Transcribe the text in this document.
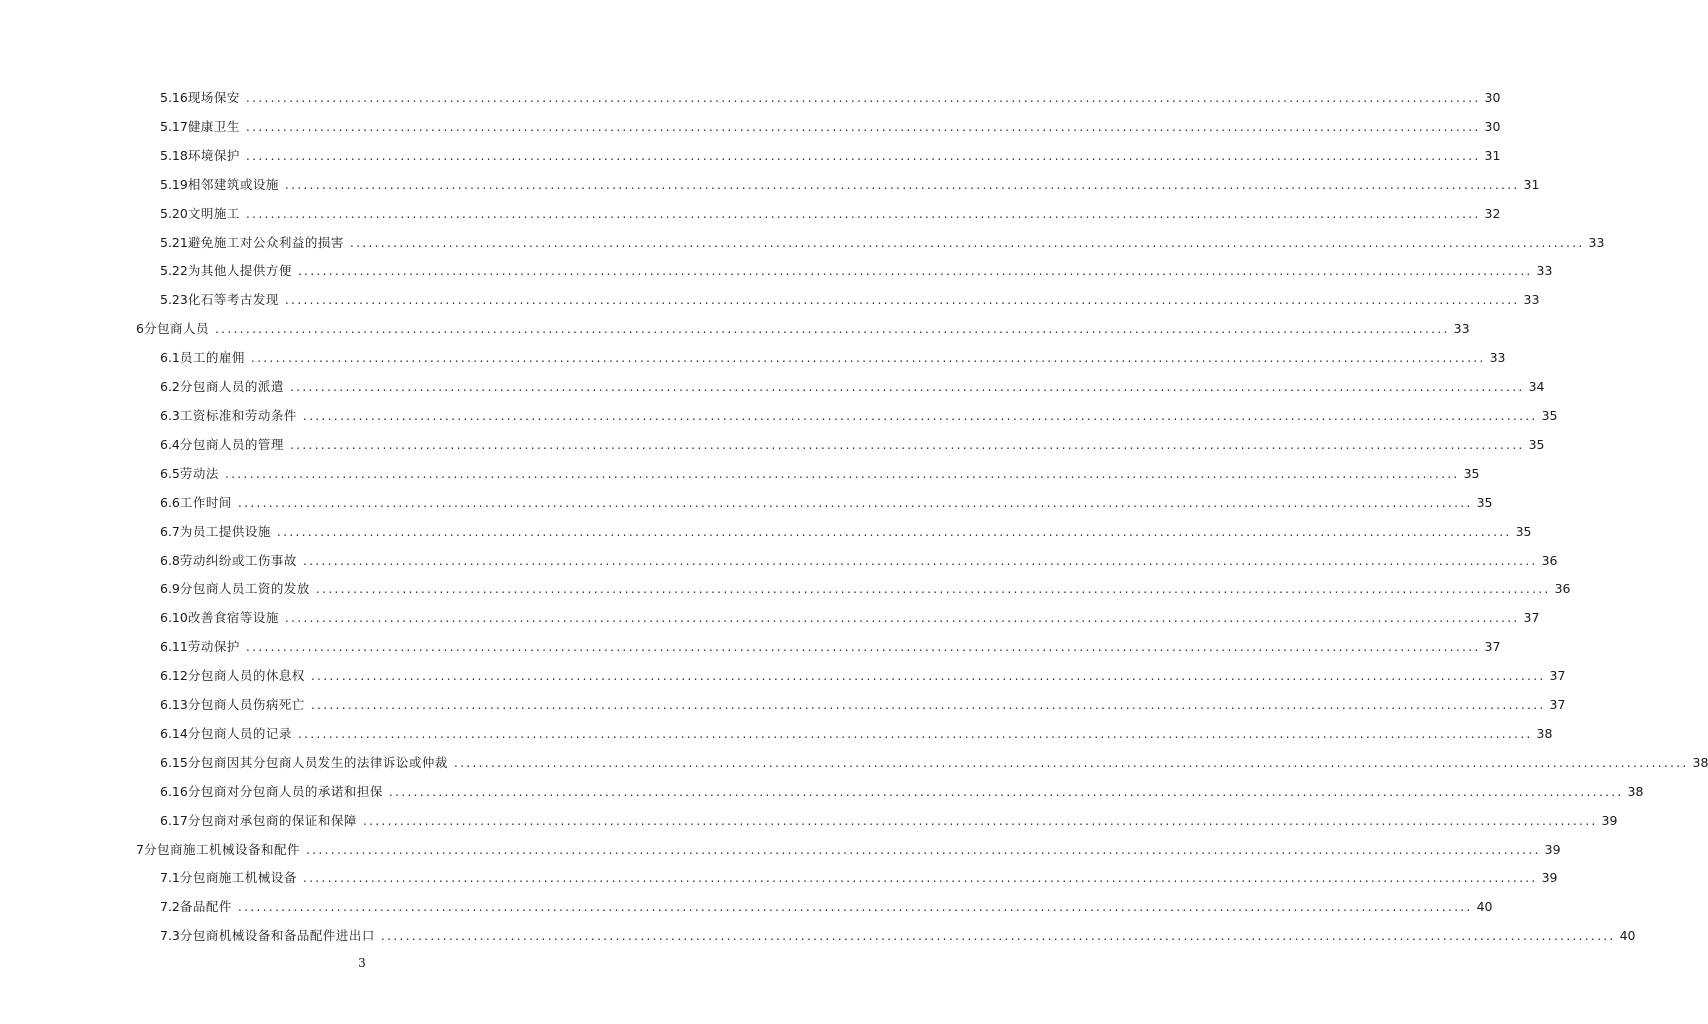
5.16 现场保安 ........................................................................................................................................................................................................ 30
5.17 健康卫生 ........................................................................................................................................................................................................ 30
5.18 环境保护 ........................................................................................................................................................................................................ 31
5.19 相邻建筑或设施 ........................................................................................................................................................................................................ 31
5.20 文明施工 ........................................................................................................................................................................................................ 32
5.21 避免施工对公众利益的损害 ........................................................................................................................................................................................................ 33
5.22 为其他人提供方便 ........................................................................................................................................................................................................ 33
5.23 化石等考古发现 ........................................................................................................................................................................................................ 33
6 分包商人员 ........................................................................................................................................................................................................ 33
6.1 员工的雇佣 ........................................................................................................................................................................................................ 33
6.2 分包商人员的派遣 ........................................................................................................................................................................................................ 34
6.3 工资标准和劳动条件 ........................................................................................................................................................................................................ 35
6.4 分包商人员的管理 ........................................................................................................................................................................................................ 35
6.5 劳动法 ........................................................................................................................................................................................................ 35
6.6 工作时间 ........................................................................................................................................................................................................ 35
6.7 为员工提供设施 ........................................................................................................................................................................................................ 35
6.8 劳动纠纷或工伤事故 ........................................................................................................................................................................................................ 36
6.9 分包商人员工资的发放 ........................................................................................................................................................................................................ 36
6.10 改善食宿等设施 ........................................................................................................................................................................................................ 37
6.11 劳动保护 ........................................................................................................................................................................................................ 37
6.12 分包商人员的休息权 ........................................................................................................................................................................................................ 37
6.13 分包商人员伤病死亡 ........................................................................................................................................................................................................ 37
6.14 分包商人员的记录 ........................................................................................................................................................................................................ 38
6.15 分包商因其分包商人员发生的法律诉讼或仲裁 ........................................................................................................................................................................................................ 38
6.16 分包商对分包商人员的承诺和担保 ........................................................................................................................................................................................................ 38
6.17 分包商对承包商的保证和保障 ........................................................................................................................................................................................................ 39
7 分包商施工机械设备和配件 ........................................................................................................................................................................................................ 39
7.1 分包商施工机械设备 ........................................................................................................................................................................................................ 39
7.2 备品配件 ........................................................................................................................................................................................................ 40
7.3 分包商机械设备和备品配件进出口 ........................................................................................................................................................................................................ 40
3
